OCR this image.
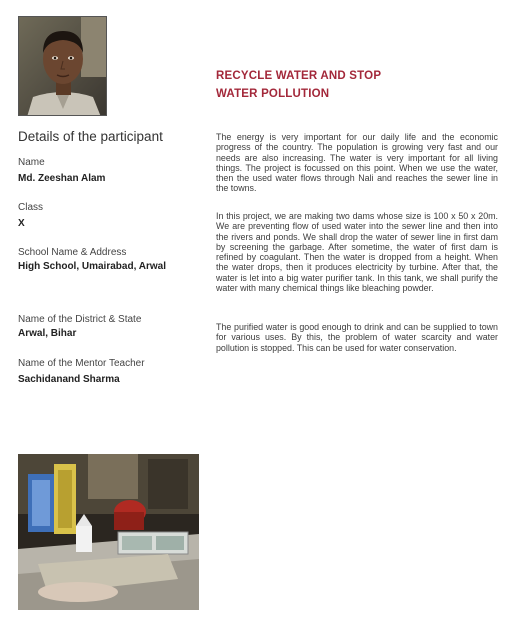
Details of the participant
Name
Md. Zeeshan Alam
Class
X
School Name & Address
High School, Umairabad, Arwal
Name of the District & State
Arwal, Bihar
Name of the Mentor Teacher
Sachidanand Sharma
RECYCLE WATER AND STOP
WATER POLLUTION
The energy is very important for our daily life and the economic progress of the country. The population is growing very fast and our needs are also increasing. The water is very important for all living things. The project is focussed on this point. When we use the water, then the used water flows through Nali and reaches the sewer line in the towns.
In this project, we are making two dams whose size is 100 x 50 x 20m. We are preventing flow of used water into the sewer line and then into the rivers and ponds. We shall drop the water of sewer line in first dam by screening the garbage. After sometime, the water of first dam is refined by coagulant. Then the water is dropped from a height. When the water drops, then it produces electricity by turbine. After that, the water is let into a big water purifier tank. In this tank, we shall purify the water with many chemical things like bleaching powder.
The purified water is good enough to drink and can be supplied to town for various uses. By this, the problem of water scarcity and water pollution is stopped. This can be used for water conservation.
